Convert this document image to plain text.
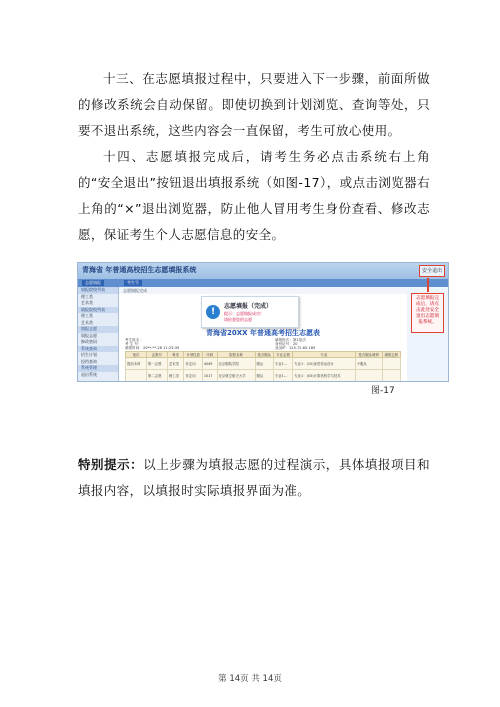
十三、在志愿填报过程中，只要进入下一步骤，前面所做的修改系统会自动保留。即使切换到计划浏览、查询等处，只要不退出系统，这些内容会一直保留，考生可放心使用。
十四、志愿填报完成后，请考生务必点击系统右上角的“安全退出”按钮退出填报系统（如图-17），或点击浏览器右上角的“×”退出浏览器，防止他人冒用考生身份查看、修改志愿，保证考生个人志愿信息的安全。
青海省 年普通高校招生志愿填报系统	安全退出
志愿填报	考生号
填报院校列表
理工类
艺术类
填报院校列表
理工类
艺术类
填报志愿
填报志愿
修改密码
系统查询
招生计划
投档查询
系统管理
退出系统
志愿填报完成
!
志愿填报（完成）
提示：志愿填报成功！
请检查您的志愿
青海省20XX 年普通高考招生志愿表
考生姓名：
考 生 号：
填报时间：20**-**-28 11:23:39
填报批次：第1批次
身份证号：20
登录IP：125.72.65.169
批次	志愿号	科类	计划性质	代码	院校名称	是否服从	专业志愿	专业	是否服从调剂	填报志愿
提前本科	第一志愿	艺术类	非定向	4049	北京服装学院	服从	专业1…	专业1：(10)视觉传达设计	不服从	
	第二志愿	理工类	非定向	1017	北京航空航天大学	服从	专业1…	专业1：(03)计算机科学与技术		
志愿填报完成后，请点击此处安全退出志愿填报系统。
图-17
特别提示：以上步骤为填报志愿的过程演示，具体填报项目和填报内容，以填报时实际填报界面为准。
第 14页 共 14页
